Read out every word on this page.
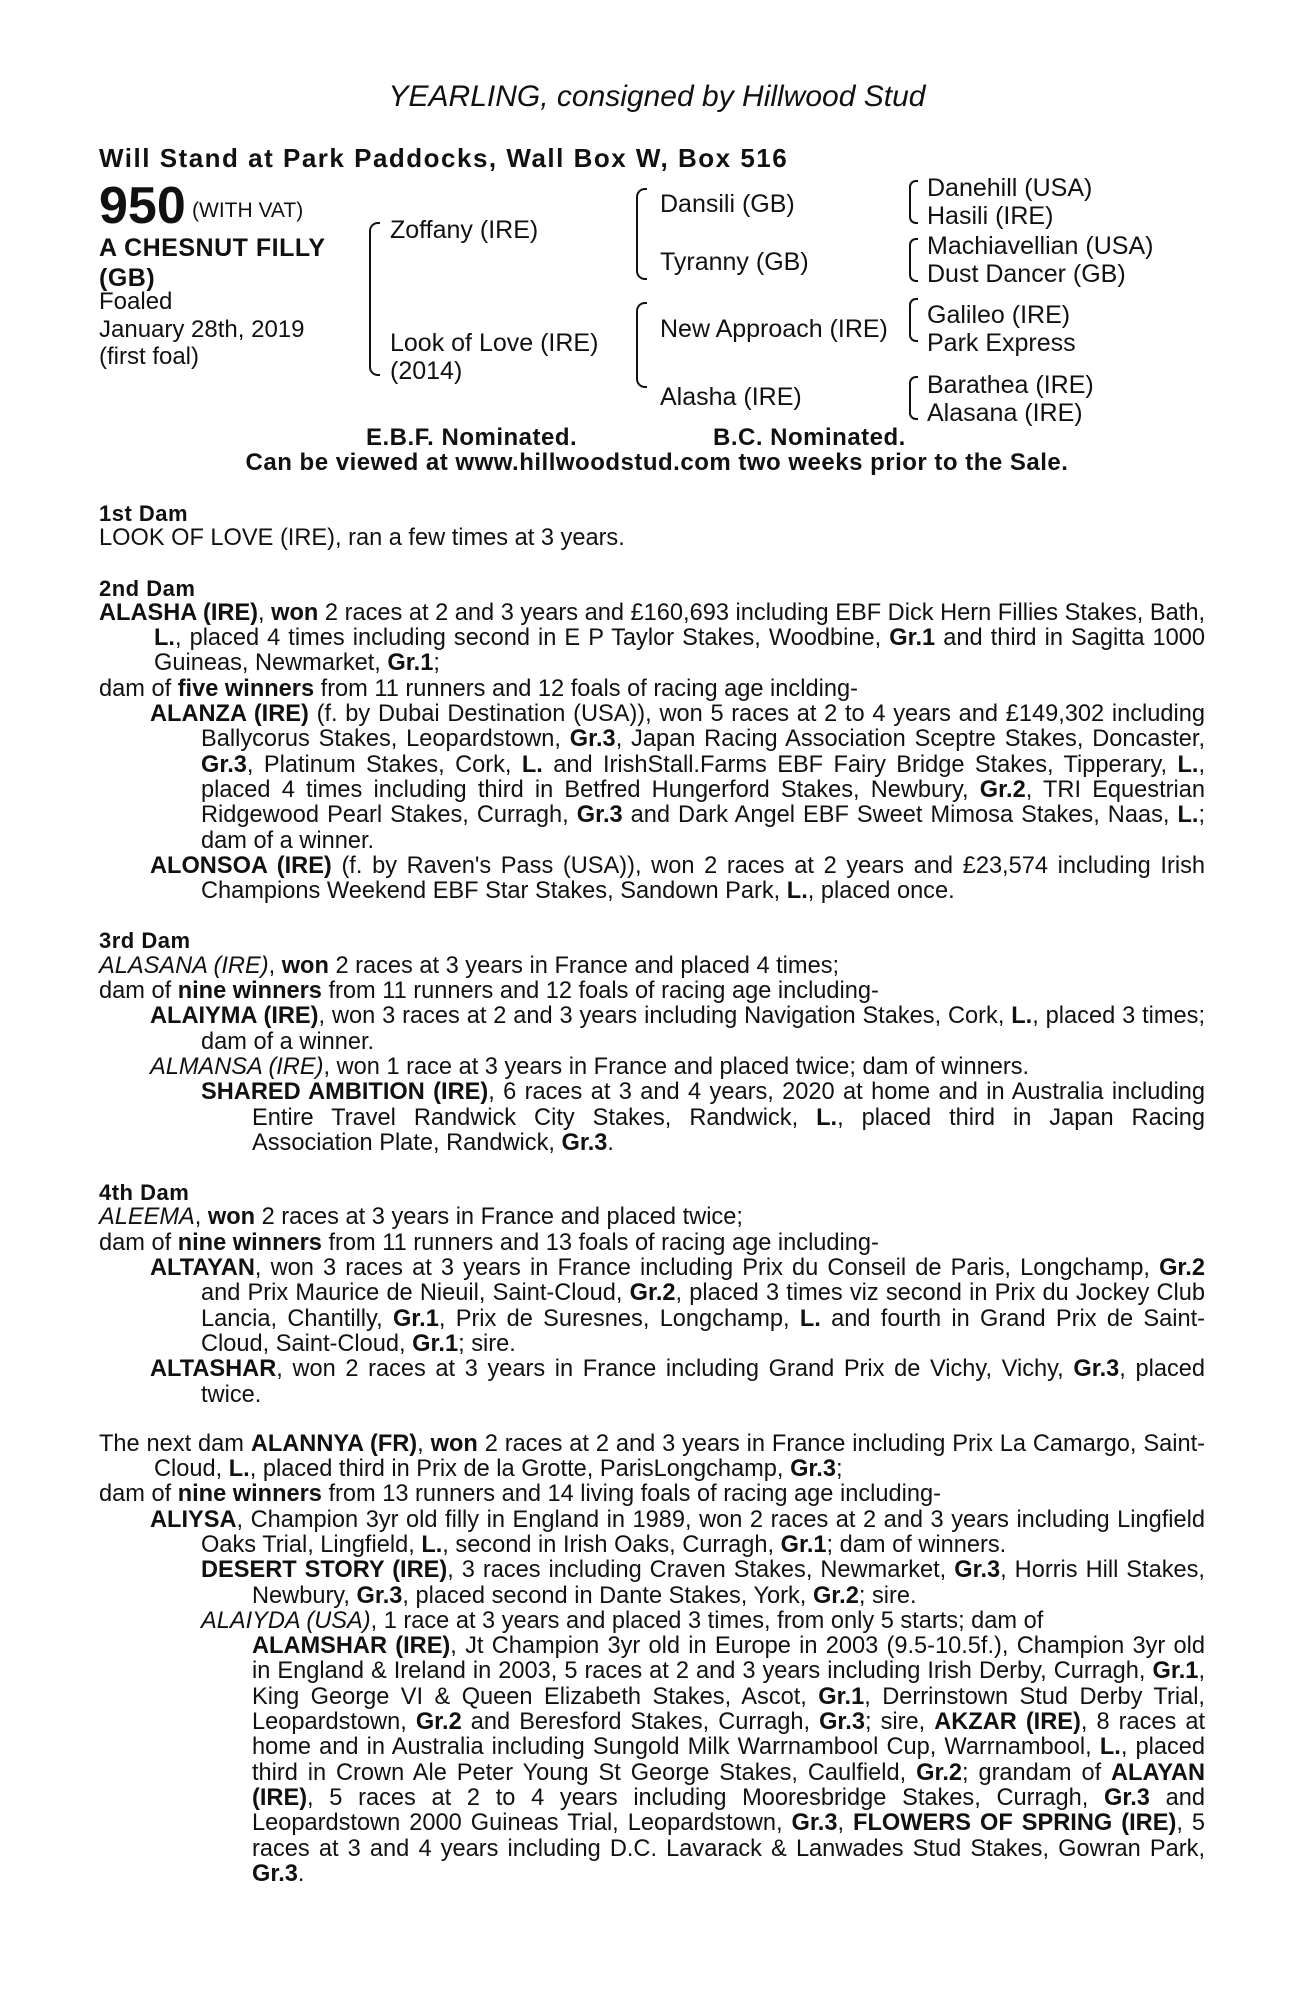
YEARLING, consigned by Hillwood Stud
Will Stand at Park Paddocks, Wall Box W, Box 516
950 (WITH VAT)
A CHESNUT FILLY
(GB)
Foaled
January 28th, 2019
(first foal)
Zoffany (IRE)
Look of Love (IRE)
(2014)
Dansili (GB)
Tyranny (GB)
New Approach (IRE)
Alasha (IRE)
Danehill (USA)
Hasili (IRE)
Machiavellian (USA)
Dust Dancer (GB)
Galileo (IRE)
Park Express
Barathea (IRE)
Alasana (IRE)
E.B.F. Nominated.	B.C. Nominated.
Can be viewed at www.hillwoodstud.com two weeks prior to the Sale.

1st Dam

LOOK OF LOVE (IRE), ran a few times at 3 years.

2nd Dam

ALASHA (IRE), won 2 races at 2 and 3 years and £160,693 including EBF Dick Hern Fillies Stakes, Bath, L., placed 4 times including second in E P Taylor Stakes, Woodbine, Gr.1 and third in Sagitta 1000 Guineas, Newmarket, Gr.1;

dam of five winners from 11 runners and 12 foals of racing age inclding-

ALANZA (IRE) (f. by Dubai Destination (USA)), won 5 races at 2 to 4 years and £149,302 including Ballycorus Stakes, Leopardstown, Gr.3, Japan Racing Association Sceptre Stakes, Doncaster, Gr.3, Platinum Stakes, Cork, L. and IrishStall.Farms EBF Fairy Bridge Stakes, Tipperary, L., placed 4 times including third in Betfred Hungerford Stakes, Newbury, Gr.2, TRI Equestrian Ridgewood Pearl Stakes, Curragh, Gr.3 and Dark Angel EBF Sweet Mimosa Stakes, Naas, L.; dam of a winner.

ALONSOA (IRE) (f. by Raven's Pass (USA)), won 2 races at 2 years and £23,574 including Irish Champions Weekend EBF Star Stakes, Sandown Park, L., placed once.

3rd Dam

ALASANA (IRE), won 2 races at 3 years in France and placed 4 times;

dam of nine winners from 11 runners and 12 foals of racing age including-

ALAIYMA (IRE), won 3 races at 2 and 3 years including Navigation Stakes, Cork, L., placed 3 times; dam of a winner.

ALMANSA (IRE), won 1 race at 3 years in France and placed twice; dam of winners.

SHARED AMBITION (IRE), 6 races at 3 and 4 years, 2020 at home and in Australia including Entire Travel Randwick City Stakes, Randwick, L., placed third in Japan Racing Association Plate, Randwick, Gr.3.

4th Dam

ALEEMA, won 2 races at 3 years in France and placed twice;

dam of nine winners from 11 runners and 13 foals of racing age including-

ALTAYAN, won 3 races at 3 years in France including Prix du Conseil de Paris, Longchamp, Gr.2 and Prix Maurice de Nieuil, Saint-Cloud, Gr.2, placed 3 times viz second in Prix du Jockey Club Lancia, Chantilly, Gr.1, Prix de Suresnes, Longchamp, L. and fourth in Grand Prix de Saint-Cloud, Saint-Cloud, Gr.1; sire.

ALTASHAR, won 2 races at 3 years in France including Grand Prix de Vichy, Vichy, Gr.3, placed twice.

The next dam ALANNYA (FR), won 2 races at 2 and 3 years in France including Prix La Camargo, Saint-Cloud, L., placed third in Prix de la Grotte, ParisLongchamp, Gr.3;

dam of nine winners from 13 runners and 14 living foals of racing age including-

ALIYSA, Champion 3yr old filly in England in 1989, won 2 races at 2 and 3 years including Lingfield Oaks Trial, Lingfield, L., second in Irish Oaks, Curragh, Gr.1; dam of winners.

DESERT STORY (IRE), 3 races including Craven Stakes, Newmarket, Gr.3, Horris Hill Stakes, Newbury, Gr.3, placed second in Dante Stakes, York, Gr.2; sire.

ALAIYDA (USA), 1 race at 3 years and placed 3 times, from only 5 starts; dam of

ALAMSHAR (IRE), Jt Champion 3yr old in Europe in 2003 (9.5-10.5f.), Champion 3yr old in England & Ireland in 2003, 5 races at 2 and 3 years including Irish Derby, Curragh, Gr.1, King George VI & Queen Elizabeth Stakes, Ascot, Gr.1, Derrinstown Stud Derby Trial, Leopardstown, Gr.2 and Beresford Stakes, Curragh, Gr.3; sire, AKZAR (IRE), 8 races at home and in Australia including Sungold Milk Warrnambool Cup, Warrnambool, L., placed third in Crown Ale Peter Young St George Stakes, Caulfield, Gr.2; grandam of ALAYAN (IRE), 5 races at 2 to 4 years including Mooresbridge Stakes, Curragh, Gr.3 and Leopardstown 2000 Guineas Trial, Leopardstown, Gr.3, FLOWERS OF SPRING (IRE), 5 races at 3 and 4 years including D.C. Lavarack & Lanwades Stud Stakes, Gowran Park, Gr.3.
